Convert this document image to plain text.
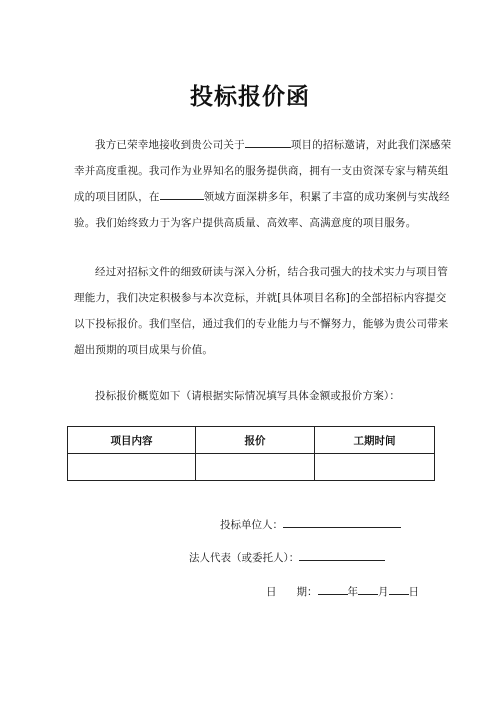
投标报价函
我方已荣幸地接收到贵公司关于	项目的招标邀请，对此我们深感荣
幸并高度重视。我司作为业界知名的服务提供商，拥有一支由资深专家与精英组
成的项目团队，在	领域方面深耕多年，积累了丰富的成功案例与实战经
验。我们始终致力于为客户提供高质量、高效率、高满意度的项目服务。
经过对招标文件的细致研读与深入分析，结合我司强大的技术实力与项目管
理能力，我们决定积极参与本次竞标，并就[具体项目名称]的全部招标内容提交
以下投标报价。我们坚信，通过我们的专业能力与不懈努力，能够为贵公司带来
超出预期的项目成果与价值。
投标报价概览如下（请根据实际情况填写具体金额或报价方案）：
项目内容	报价	工期时间

投标单位人：
法人代表（或委托人）：
日 期：	年 月 日
